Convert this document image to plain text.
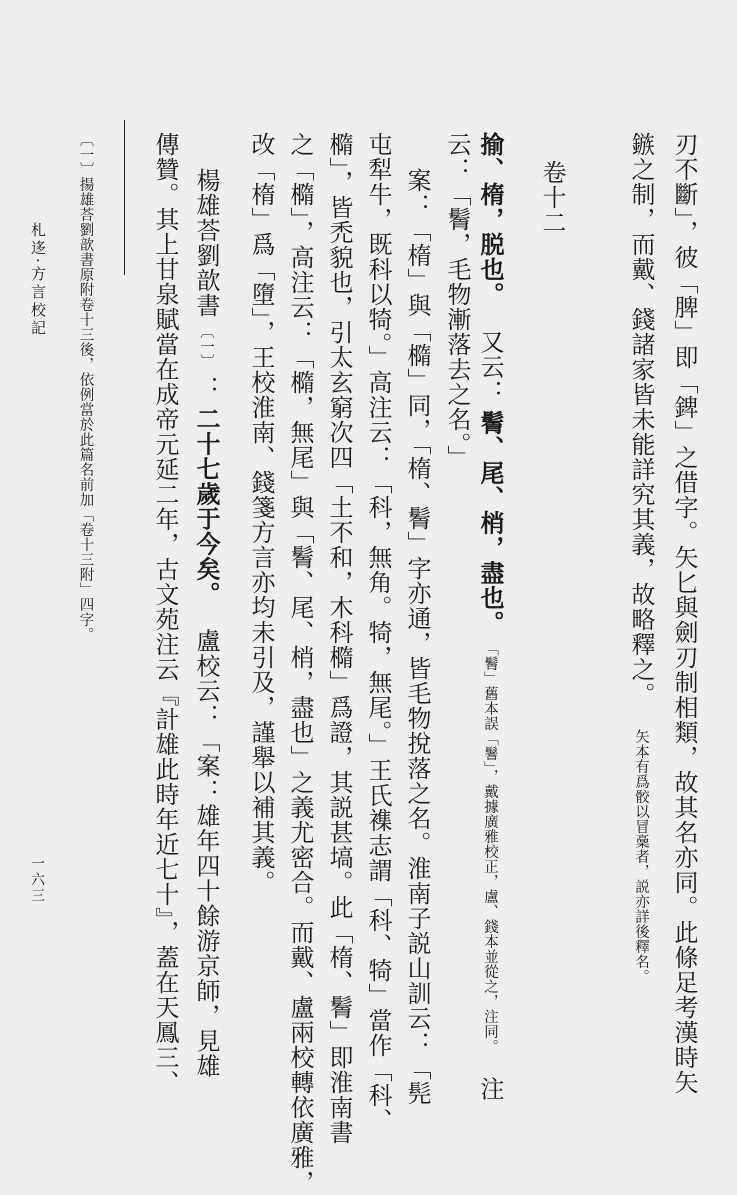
札迻·方言校記
一六三
〔一〕揚雄荅劉歆書原附卷十三後，依例當於此篇名前加「卷十三附」四字。	刃不斷」，彼「脾」即「錍」之借字。矢匕與劍刃制相類，故其名亦同。此條足考漢時矢
鏃之制，而戴、錢諸家皆未能詳究其義，故略釋之。  矢本有爲骹以冒稾者，説亦詳後釋名。
卷十二
揄、楕，脱也。  又云： 鬌、尾、梢，盡也。 「鬌」舊本誤「鬐」，戴據廣雅校正，盧、錢本並從之，注同。  注
云：「鬌，毛物漸落去之名。」
案：「楕」與「橢」同，「楕、鬌」字亦通，皆毛物挩落之名。淮南子説山訓云：「髡
屯犁牛，既科以犄。」高注云：「科，無角。犄，無尾。」王氏襍志謂「科、犄」當作「科、
橢」，皆禿貌也，引太玄窮次四「土不和，木科橢」爲證，其説甚塙。此「楕、鬌」即淮南書
之「橢」，高注云：「橢，無尾」與「鬌、尾、梢，盡也」之義尤密合。而戴、盧兩校轉依廣雅，
改「楕」爲「墮」，王校淮南、錢箋方言亦均未引及，謹舉以補其義。
楊雄荅劉歆書 〔一〕 ： 二十七歲于今矣。  盧校云：「案：雄年四十餘游京師，見雄
傳贊。其上甘泉賦當在成帝元延二年，古文苑注云『計雄此時年近七十』，蓋在天鳳三、
